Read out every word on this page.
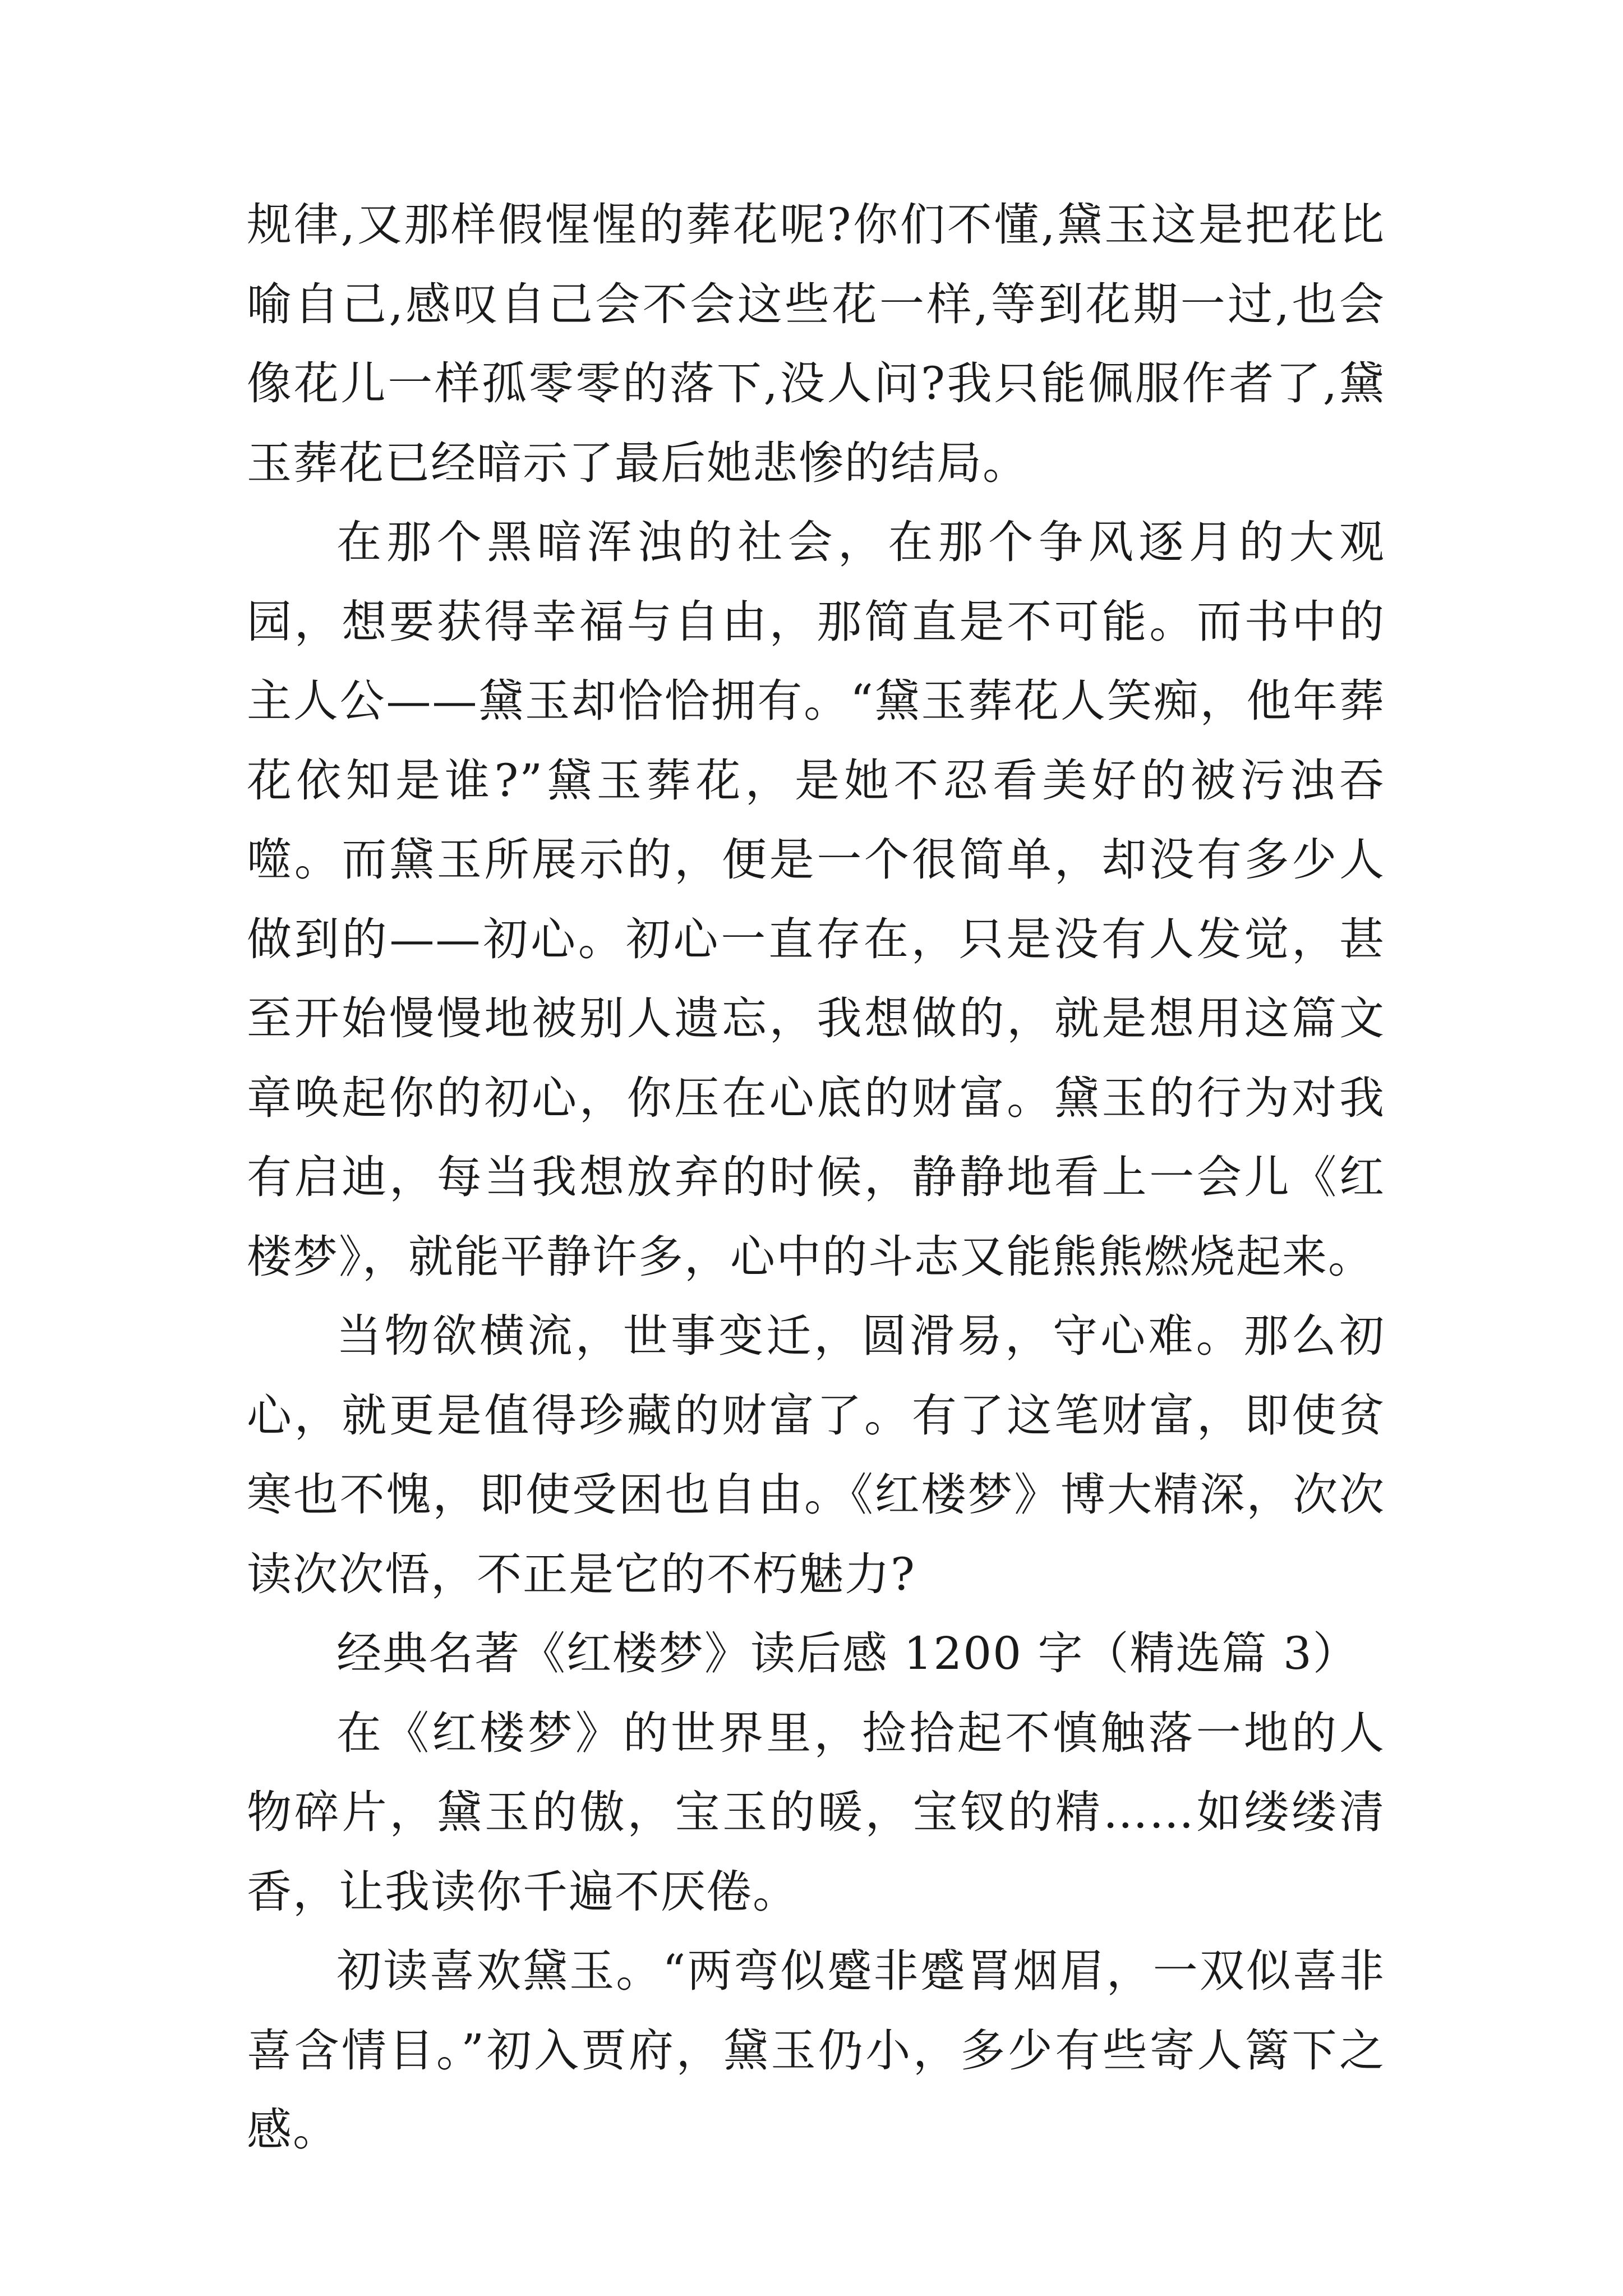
规律,又那样假惺惺的葬花呢?你们不懂,黛玉这是把花比喻自己,感叹自己会不会这些花一样,等到花期一过,也会像花儿一样孤零零的落下,没人问?我只能佩服作者了,黛玉葬花已经暗示了最后她悲惨的结局。

在那个黑暗浑浊的社会，在那个争风逐月的大观园，想要获得幸福与自由，那简直是不可能。而书中的主人公——黛玉却恰恰拥有。“黛玉葬花人笑痴，他年葬花依知是谁?”黛玉葬花，是她不忍看美好的被污浊吞噬。而黛玉所展示的，便是一个很简单，却没有多少人做到的——初心。初心一直存在，只是没有人发觉，甚至开始慢慢地被别人遗忘，我想做的，就是想用这篇文章唤起你的初心，你压在心底的财富。黛玉的行为对我有启迪，每当我想放弃的时候，静静地看上一会儿《红楼梦》，就能平静许多，心中的斗志又能熊熊燃烧起来。

当物欲横流，世事变迁，圆滑易，守心难。那么初心，就更是值得珍藏的财富了。有了这笔财富，即使贫寒也不愧，即使受困也自由。《红楼梦》博大精深，次次读次次悟，不正是它的不朽魅力?

经典名著《红楼梦》读后感 1200 字（精选篇 3）

在《红楼梦》的世界里，捡拾起不慎触落一地的人物碎片，黛玉的傲，宝玉的暖，宝钗的精……如缕缕清香，让我读你千遍不厌倦。

初读喜欢黛玉。“两弯似蹙非蹙罥烟眉，一双似喜非喜含情目。”初入贾府，黛玉仍小，多少有些寄人篱下之感。
